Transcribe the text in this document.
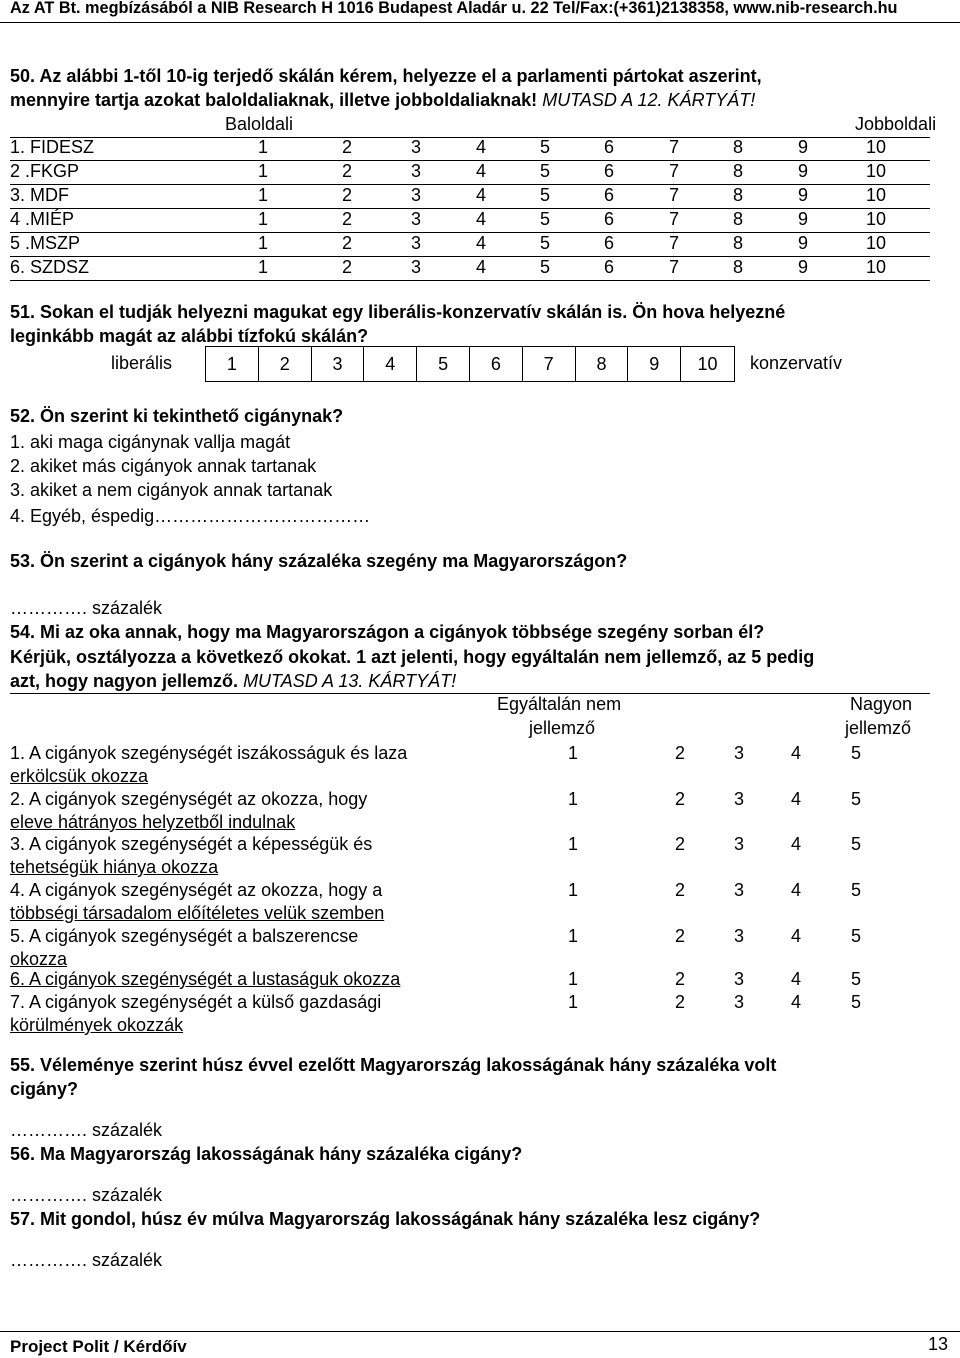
Az AT Bt. megbízásából a NIB Research H 1016 Budapest Aladár u. 22 Tel/Fax:(+361)2138358, www.nib-research.hu
50. Az alábbi 1-től 10-ig terjedő skálán kérem, helyezze el a parlamenti pártokat aszerint,
mennyire tartja azokat baloldaliaknak, illetve jobboldaliaknak! MUTASD A 12. KÁRTYÁT!
Baloldali	Jobboldali
1. FIDESZ	1	2	3	4	5	6	7	8	9	10
2 .FKGP	1	2	3	4	5	6	7	8	9	10
3. MDF	1	2	3	4	5	6	7	8	9	10
4 .MIÉP	1	2	3	4	5	6	7	8	9	10
5 .MSZP	1	2	3	4	5	6	7	8	9	10
6. SZDSZ	1	2	3	4	5	6	7	8	9	10
51. Sokan el tudják helyezni magukat egy liberális-konzervatív skálán is. Ön hova helyezné
leginkább magát az alábbi tízfokú skálán?
liberális	1	2	3	4	5	6	7	8	9	10	konzervatív
52. Ön szerint ki tekinthető cigánynak?
1. aki maga cigánynak vallja magát
2. akiket más cigányok annak tartanak
3. akiket a nem cigányok annak tartanak
4. Egyéb, éspedig………………………………
53. Ön szerint a cigányok hány százaléka szegény ma Magyarországon?
…………. százalék
54. Mi az oka annak, hogy ma Magyarországon a cigányok többsége szegény sorban él?
Kérjük, osztályozza a következő okokat. 1 azt jelenti, hogy egyáltalán nem jellemző, az 5 pedig
azt, hogy nagyon jellemző. MUTASD A 13. KÁRTYÁT!
Egyáltalán nem
jellemző
Nagyon
jellemző
1. A cigányok szegénységét iszákosságuk és laza
erkölcsük okozza
1	2	3	4	5
2. A cigányok szegénységét az okozza, hogy
eleve hátrányos helyzetből indulnak
1	2	3	4	5
3. A cigányok szegénységét a képességük és
tehetségük hiánya okozza
1	2	3	4	5
4. A cigányok szegénységét az okozza, hogy a
többségi társadalom előítéletes velük szemben
1	2	3	4	5
5. A cigányok szegénységét a balszerencse
okozza
1	2	3	4	5
6. A cigányok szegénységét a lustaságuk okozza	1	2	3	4	5
7. A cigányok szegénységét a külső gazdasági
körülmények okozzák
1	2	3	4	5
55. Véleménye szerint húsz évvel ezelőtt Magyarország lakosságának hány százaléka volt
cigány?
…………. százalék
56. Ma Magyarország lakosságának hány százaléka cigány?
…………. százalék
57. Mit gondol, húsz év múlva Magyarország lakosságának hány százaléka lesz cigány?
…………. százalék
Project Polit / Kérdőív	13
